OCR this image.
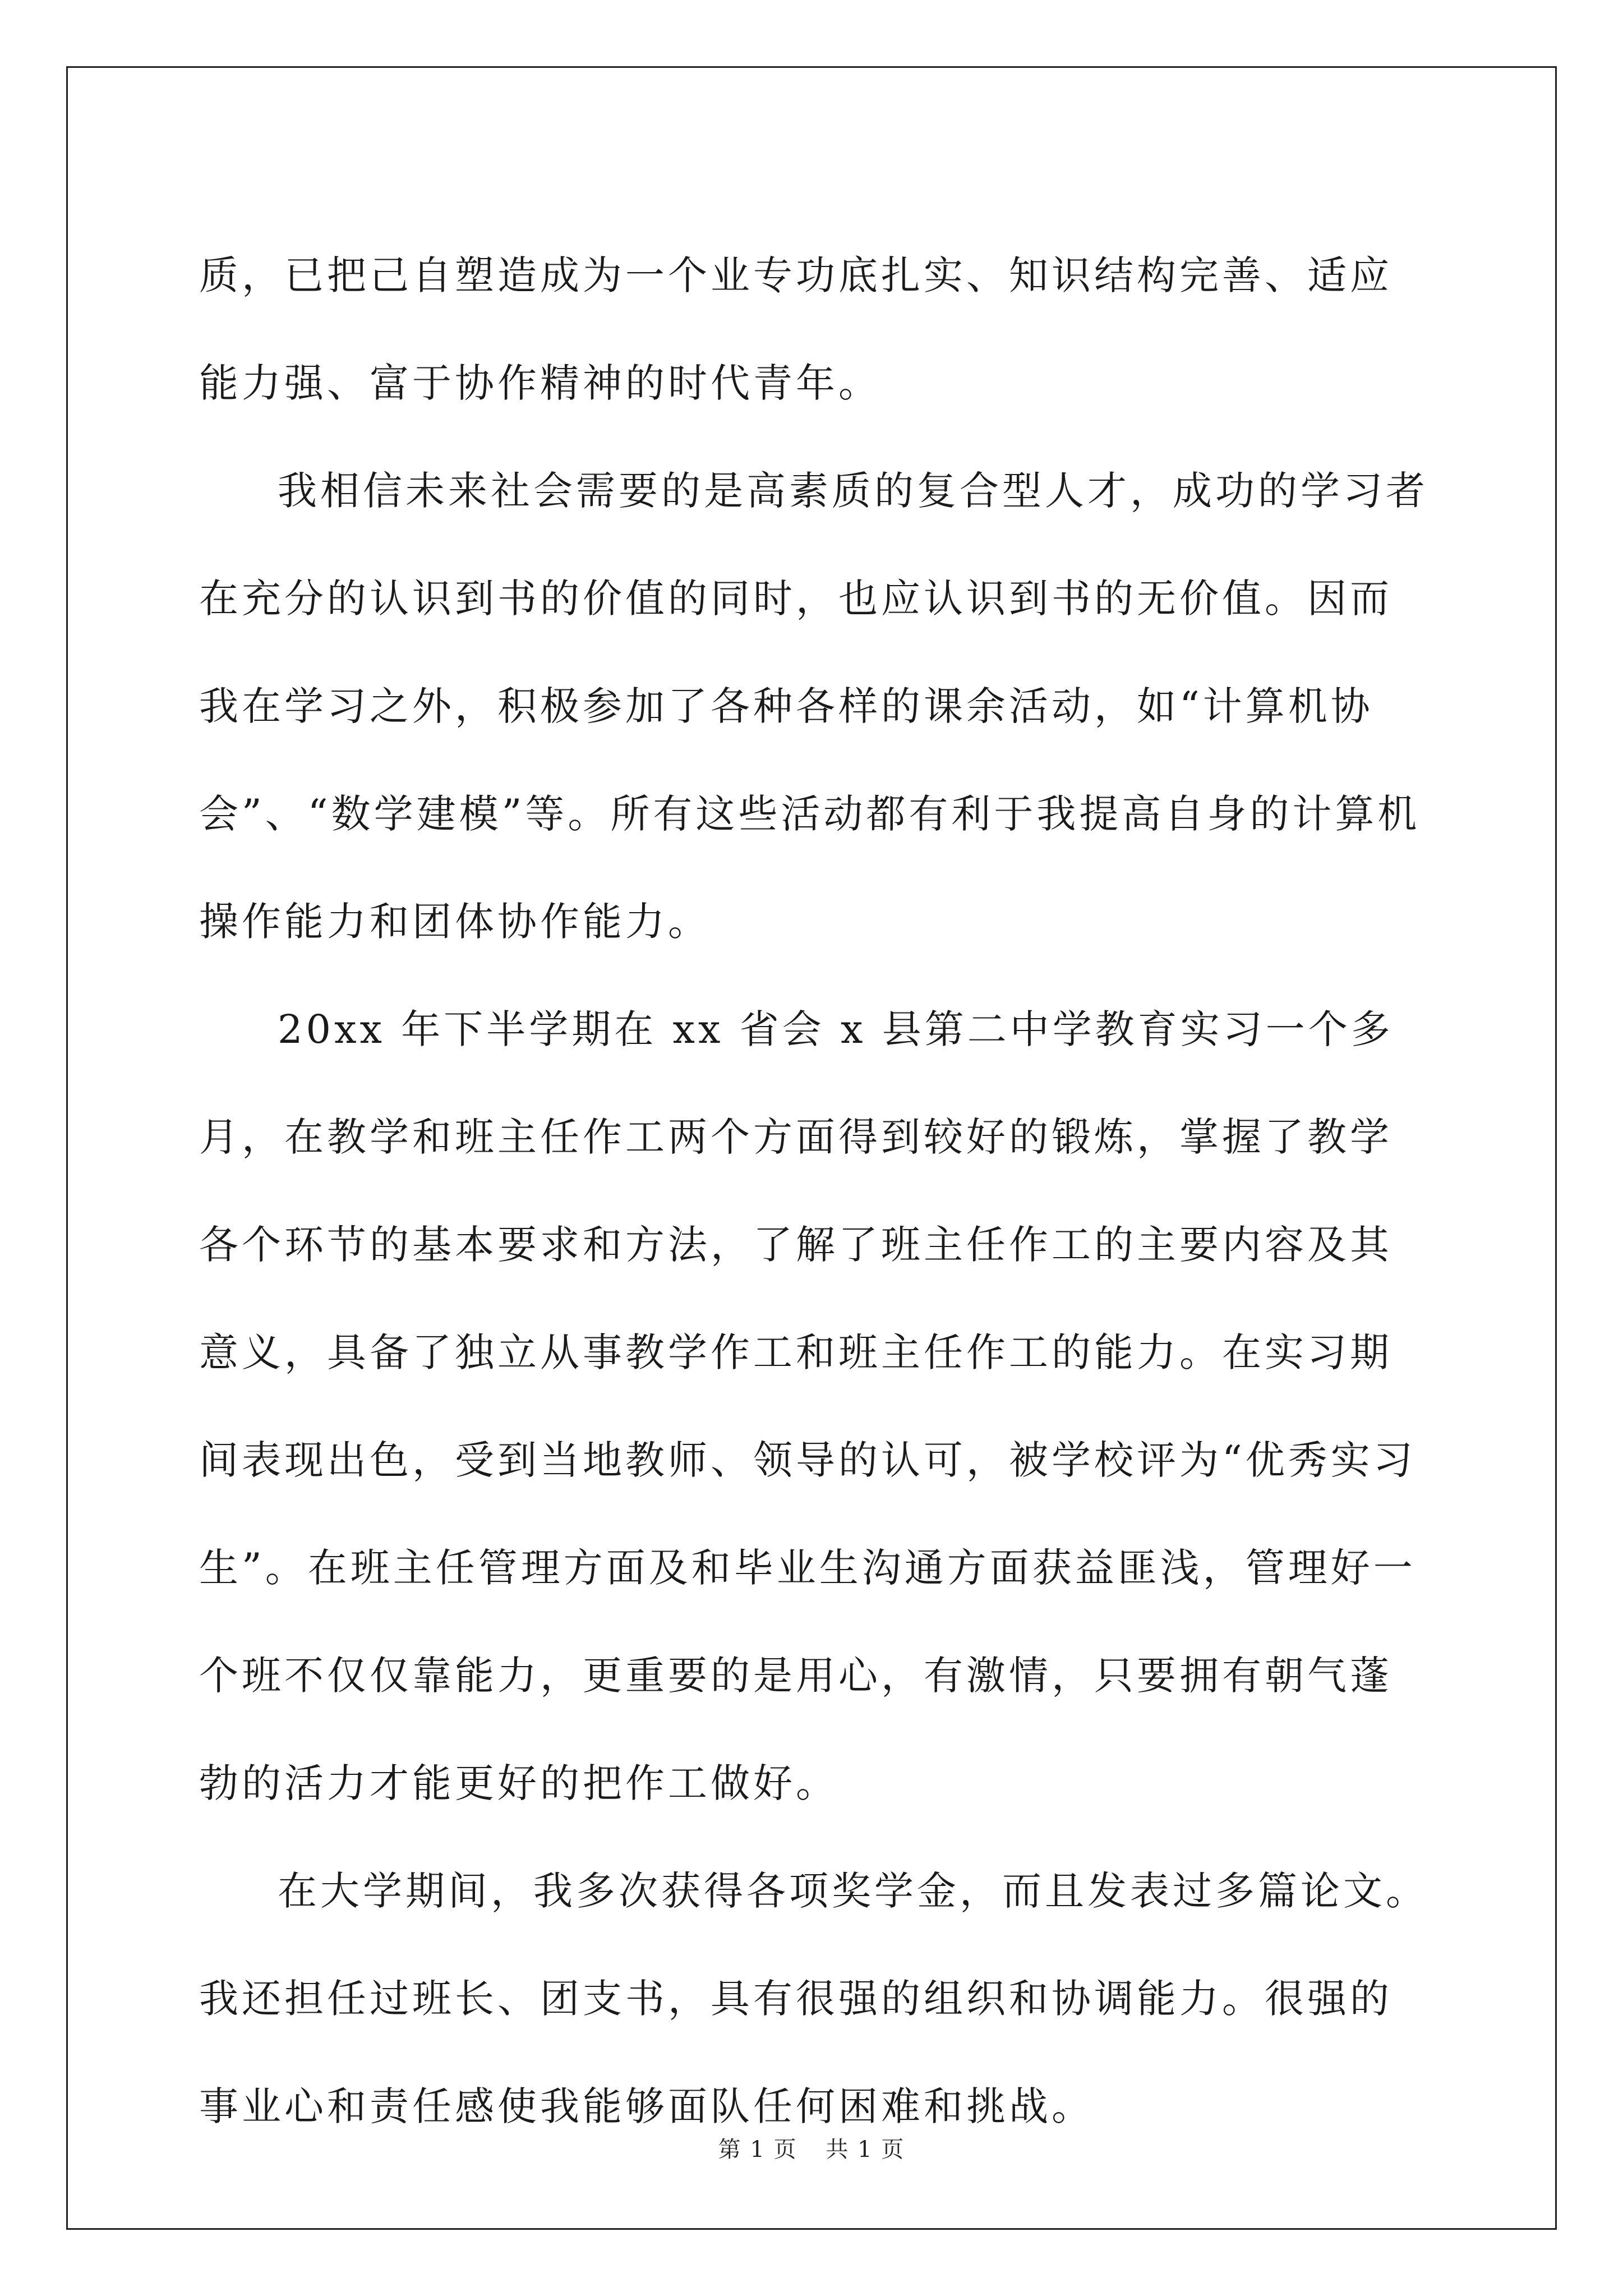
质，已把己自塑造成为一个业专功底扎实、知识结构完善、适应能力强、富于协作精神的时代青年。

我相信未来社会需要的是高素质的复合型人才，成功的学习者在充分的认识到书的价值的同时，也应认识到书的无价值。因而我在学习之外，积极参加了各种各样的课余活动，如“计算机协会”、“数学建模”等。所有这些活动都有利于我提高自身的计算机操作能力和团体协作能力。

20xx 年下半学期在 xx 省会 x 县第二中学教育实习一个多月，在教学和班主任作工两个方面得到较好的锻炼，掌握了教学各个环节的基本要求和方法，了解了班主任作工的主要内容及其意义，具备了独立从事教学作工和班主任作工的能力。在实习期间表现出色，受到当地教师、领导的认可，被学校评为“优秀实习生”。在班主任管理方面及和毕业生沟通方面获益匪浅，管理好一个班不仅仅靠能力，更重要的是用心，有激情，只要拥有朝气蓬勃的活力才能更好的把作工做好。

在大学期间，我多次获得各项奖学金，而且发表过多篇论文。我还担任过班长、团支书，具有很强的组织和协调能力。很强的事业心和责任感使我能够面队任何困难和挑战。

第 1 页 共 1 页
